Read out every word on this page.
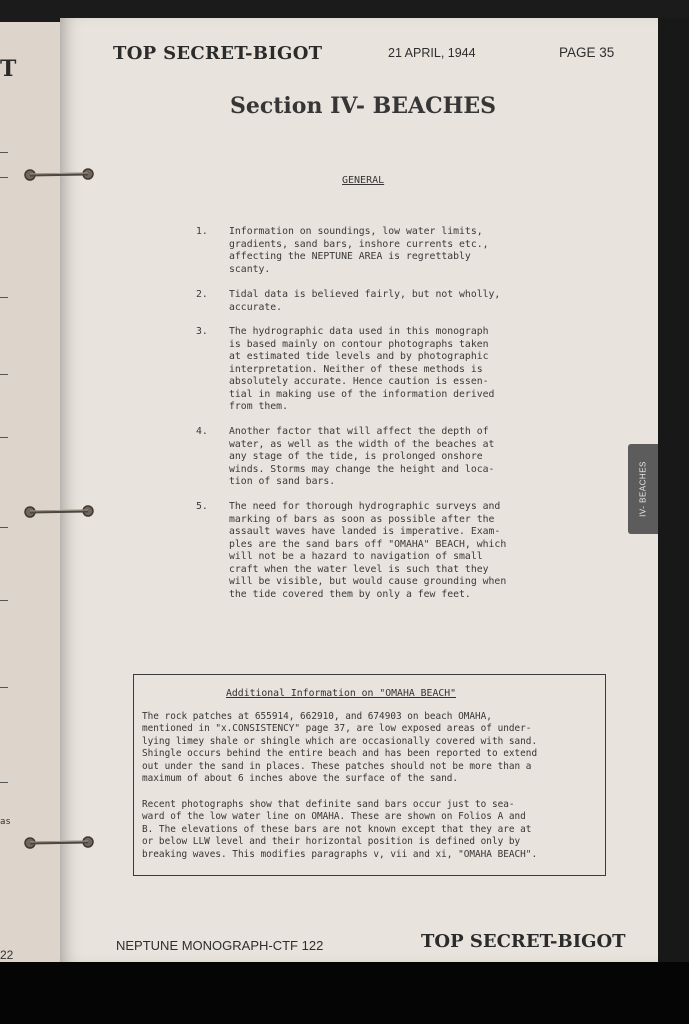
T
as
22
IV- BEACHES
TOP SECRET-BIGOT	21 APRIL, 1944	PAGE 35
Section IV- BEACHES
GENERAL
1. Information on soundings, low water limits,
gradients, sand bars, inshore currents etc.,
affecting the NEPTUNE AREA is regrettably
scanty.
2. Tidal data is believed fairly, but not wholly,
accurate.
3. The hydrographic data used in this monograph
is based mainly on contour photographs taken
at estimated tide levels and by photographic
interpretation. Neither of these methods is
absolutely accurate. Hence caution is essen-
tial in making use of the information derived
from them.
4. Another factor that will affect the depth of
water, as well as the width of the beaches at
any stage of the tide, is prolonged onshore
winds. Storms may change the height and loca-
tion of sand bars.
5. The need for thorough hydrographic surveys and
marking of bars as soon as possible after the
assault waves have landed is imperative. Exam-
ples are the sand bars off "OMAHA" BEACH, which
will not be a hazard to navigation of small
craft when the water level is such that they
will be visible, but would cause grounding when
the tide covered them by only a few feet.
Additional Information on "OMAHA BEACH"
The rock patches at 655914, 662910, and 674903 on beach OMAHA,
mentioned in "x.CONSISTENCY" page 37, are low exposed areas of under-
lying limey shale or shingle which are occasionally covered with sand.
Shingle occurs behind the entire beach and has been reported to extend
out under the sand in places. These patches should not be more than a
maximum of about 6 inches above the surface of the sand.
Recent photographs show that definite sand bars occur just to sea-
ward of the low water line on OMAHA. These are shown on Folios A and
B. The elevations of these bars are not known except that they are at
or below LLW level and their horizontal position is defined only by
breaking waves. This modifies paragraphs v, vii and xi, "OMAHA BEACH".
NEPTUNE MONOGRAPH-CTF 122	TOP SECRET-BIGOT
